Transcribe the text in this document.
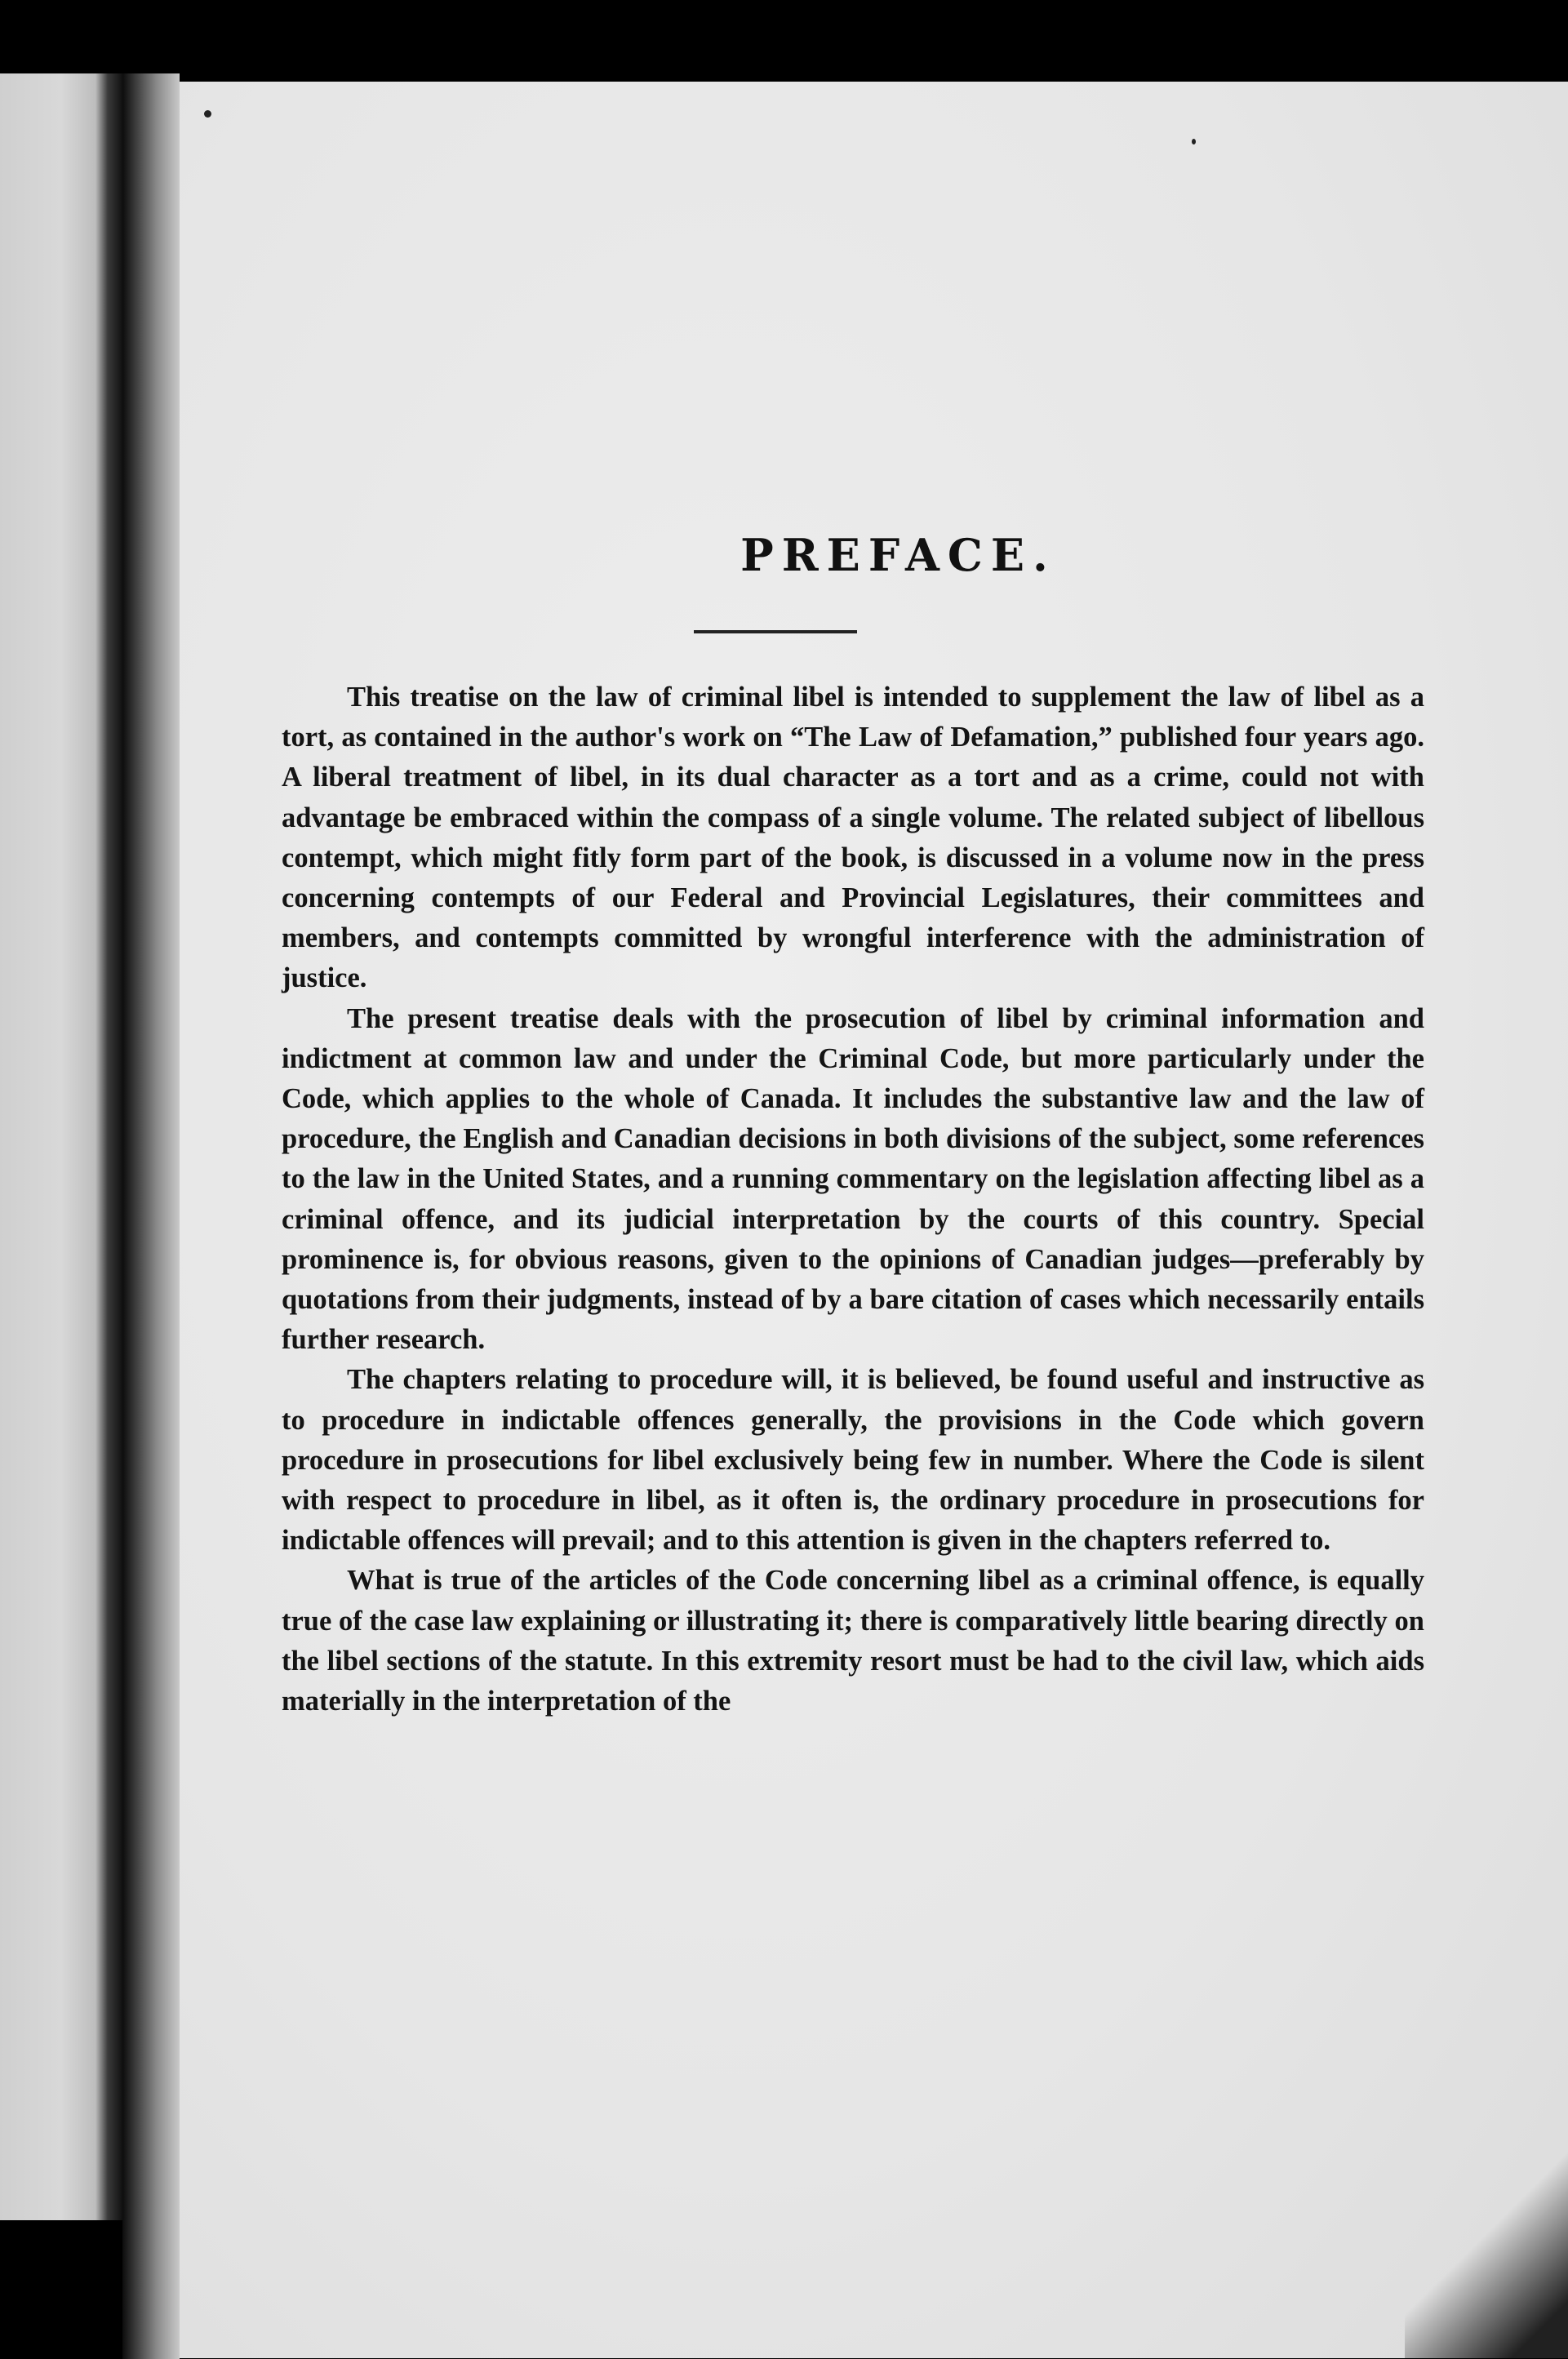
PREFACE.

This treatise on the law of criminal libel is intended to supplement the law of libel as a tort, as contained in the author's work on “The Law of Defamation,” published four years ago. A liberal treatment of libel, in its dual character as a tort and as a crime, could not with advantage be embraced within the compass of a single volume. The related subject of libellous contempt, which might fitly form part of the book, is discussed in a volume now in the press concerning contempts of our Federal and Provincial Legislatures, their committees and members, and contempts committed by wrongful interference with the administration of justice.

The present treatise deals with the prosecution of libel by criminal information and indictment at common law and under the Criminal Code, but more particularly under the Code, which applies to the whole of Canada. It includes the substantive law and the law of procedure, the English and Canadian decisions in both divisions of the subject, some references to the law in the United States, and a running commentary on the legislation affecting libel as a criminal offence, and its judicial interpretation by the courts of this country. Special prominence is, for obvious reasons, given to the opinions of Canadian judges—preferably by quotations from their judgments, instead of by a bare citation of cases which necessarily entails further research.

The chapters relating to procedure will, it is believed, be found useful and instructive as to procedure in indictable offences generally, the provisions in the Code which govern procedure in prosecutions for libel exclusively being few in number. Where the Code is silent with respect to procedure in libel, as it often is, the ordinary procedure in prosecutions for indictable offences will prevail; and to this attention is given in the chapters referred to.

What is true of the articles of the Code concerning libel as a criminal offence, is equally true of the case law explaining or illustrating it; there is comparatively little bearing directly on the libel sections of the statute. In this extremity resort must be had to the civil law, which aids materially in the interpretation of the
